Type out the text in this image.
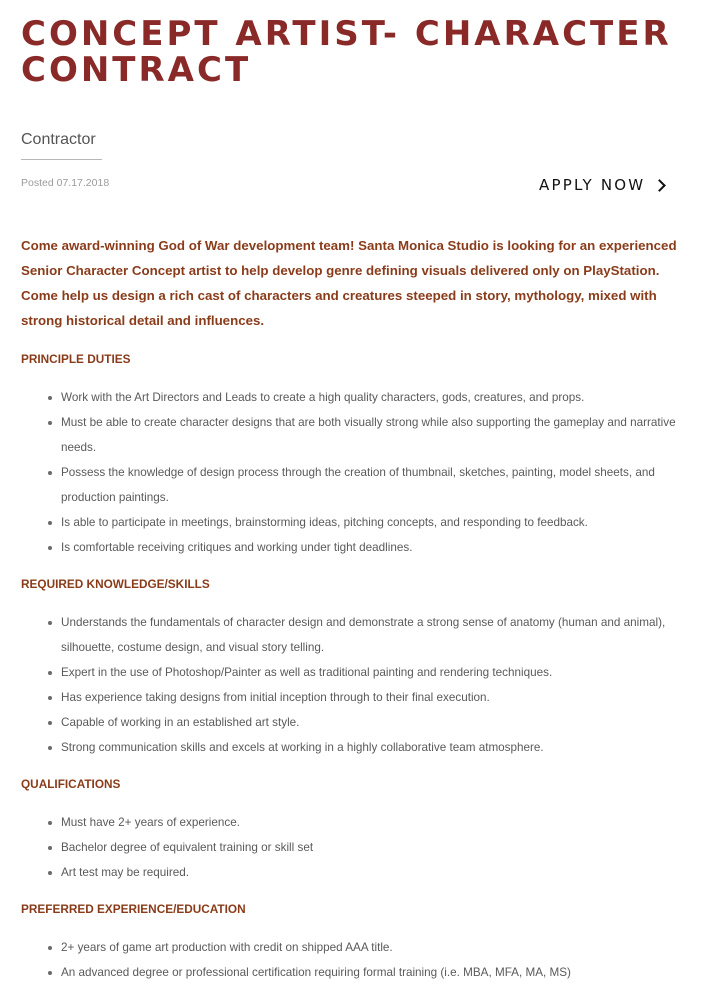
CONCEPT ARTIST- CHARACTER CONTRACT
Contractor
Posted 07.17.2018	APPLY NOW

Come award-winning God of War development team! Santa Monica Studio is looking for an experienced Senior Character Concept artist to help develop genre defining visuals delivered only on PlayStation. Come help us design a rich cast of characters and creatures steeped in story, mythology, mixed with strong historical detail and influences.

PRINCIPLE DUTIES
Work with the Art Directors and Leads to create a high quality characters, gods, creatures, and props.
Must be able to create character designs that are both visually strong while also supporting the gameplay and narrative needs.
Possess the knowledge of design process through the creation of thumbnail, sketches, painting, model sheets, and production paintings.
Is able to participate in meetings, brainstorming ideas, pitching concepts, and responding to feedback.
Is comfortable receiving critiques and working under tight deadlines.
REQUIRED KNOWLEDGE/SKILLS
Understands the fundamentals of character design and demonstrate a strong sense of anatomy (human and animal), silhouette, costume design, and visual story telling.
Expert in the use of Photoshop/Painter as well as traditional painting and rendering techniques.
Has experience taking designs from initial inception through to their final execution.
Capable of working in an established art style.
Strong communication skills and excels at working in a highly collaborative team atmosphere.
QUALIFICATIONS
Must have 2+ years of experience.
Bachelor degree of equivalent training or skill set
Art test may be required.
PREFERRED EXPERIENCE/EDUCATION
2+ years of game art production with credit on shipped AAA title.
An advanced degree or professional certification requiring formal training (i.e. MBA, MFA, MA, MS)
